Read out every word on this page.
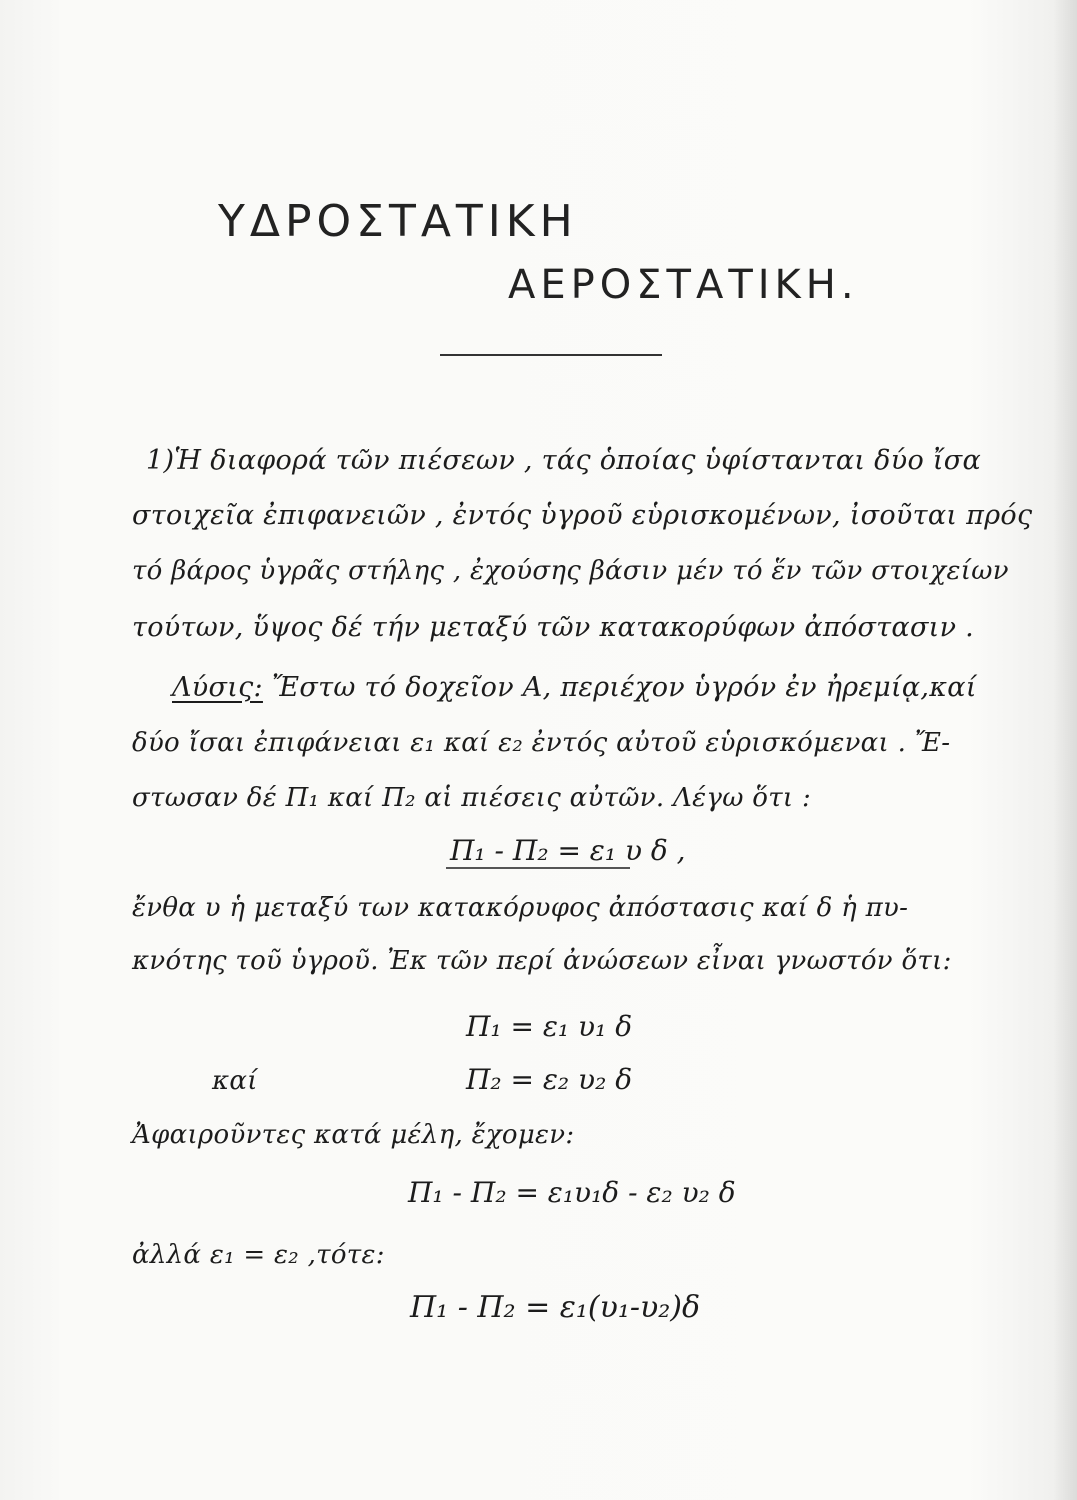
ΥΔΡΟΣΤΑΤΙΚΗ
ΑΕΡΟΣΤΑΤΙΚΗ.
1)Ἡ διαφορά τῶν πιέσεων , τάς ὁποίας ὑφίστανται δύο ἴσα
στοιχεῖα ἐπιφανειῶν , ἐντός ὑγροῦ εὑρισκομένων, ἰσοῦται πρός
τό βάρος ὑγρᾶς στήλης , ἐχούσης βάσιν μέν τό ἕν τῶν στοιχείων
τούτων, ὕψος δέ τήν μεταξύ τῶν κατακορύφων ἀπόστασιν .
Λύσις: Ἔστω τό δοχεῖον Α, περιέχον ὑγρόν ἐν ἠρεμίᾳ,καί
δύο ἴσαι ἐπιφάνειαι ε₁ καί ε₂ ἐντός αὐτοῦ εὑρισκόμεναι . Ἔ-
στωσαν δέ Π₁ καί Π₂ αἱ πιέσεις αὐτῶν. Λέγω ὅτι :
Π₁ - Π₂ = ε₁ υ δ ,
ἔνθα υ ἡ μεταξύ των κατακόρυφος ἀπόστασις καί δ ἡ πυ-
κνότης τοῦ ὑγροῦ. Ἐκ τῶν περί ἀνώσεων εἶναι γνωστόν ὅτι:
Π₁ = ε₁ υ₁ δ
καί	Π₂ = ε₂ υ₂ δ
Ἀφαιροῦντες κατά μέλη, ἔχομεν:
Π₁ - Π₂ = ε₁υ₁δ - ε₂ υ₂ δ
ἀλλά ε₁ = ε₂ ,τότε:
Π₁ - Π₂ = ε₁(υ₁-υ₂)δ
